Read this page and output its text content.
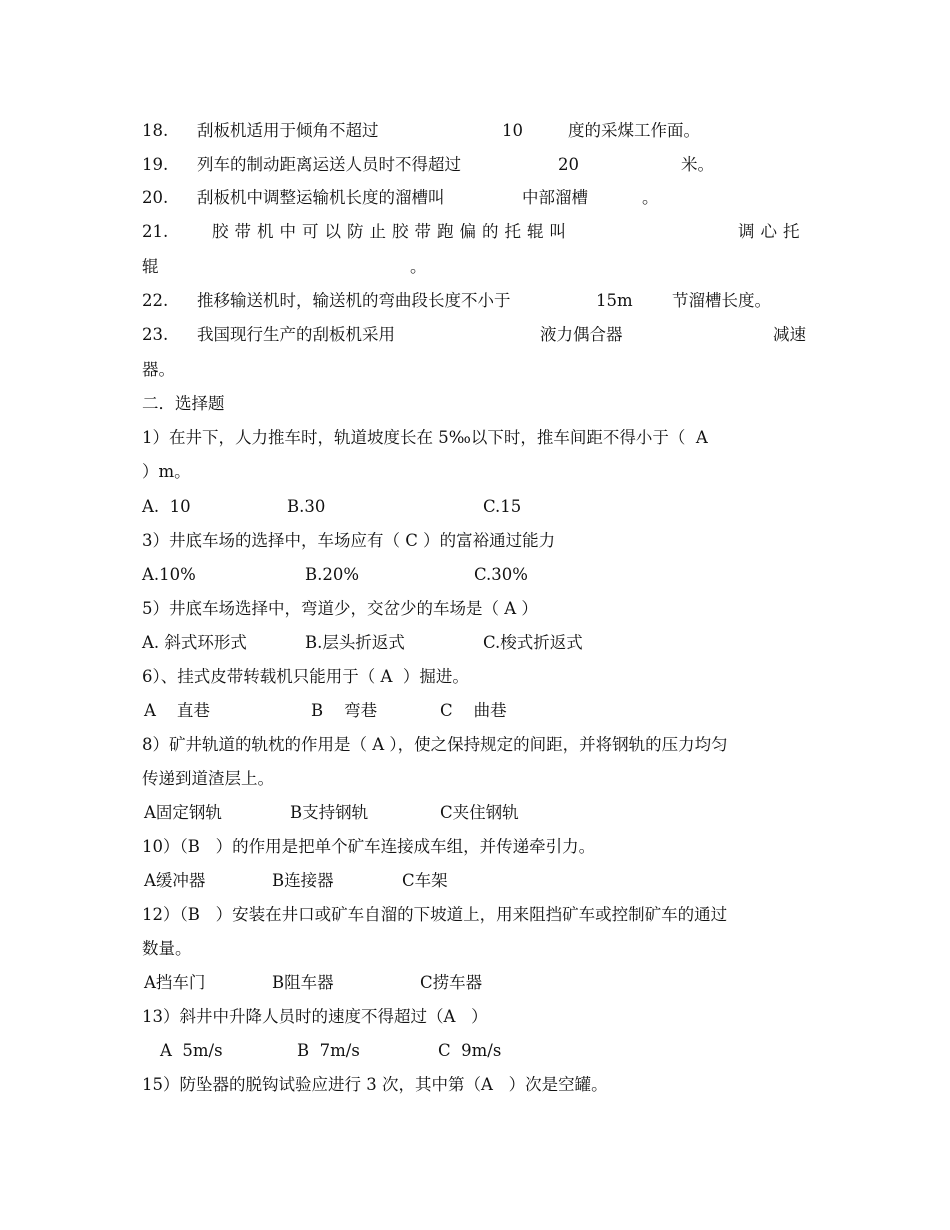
18. 刮板机适用于倾角不超过	10	度的采煤工作面。
19. 列车的制动距离运送人员时不得超过	20	米。
20. 刮板机中调整运输机长度的溜槽叫	中部溜槽	。
21.	胶带机中可以防止胶带跑偏的托辊叫	调心托
辊	。
22. 推移输送机时，输送机的弯曲段长度不小于	15m 节溜槽长度。
23. 我国现行生产的刮板机采用	液力偶合器	减速
器。
二．选择题
1）在井下，人力推车时，轨道坡度长在 5‰以下时，推车间距不得小于（  A
）m。
A.  10	B.30	C.15
3）井底车场的选择中，车场应有（ C ）的富裕通过能力
A.10%	B.20%	C.30%
5）井底车场选择中，弯道少，交岔少的车场是（ A ）
A. 斜式环形式	B.层头折返式	C.梭式折返式
6）、挂式皮带转载机只能用于（ A  ）掘进。
A    直巷	B    弯巷	C    曲巷
8）矿井轨道的轨枕的作用是（ A ），使之保持规定的间距，并将钢轨的压力均匀
传递到道渣层上。
A固定钢轨	B支持钢轨	C夹住钢轨
10）（B   ）的作用是把单个矿车连接成车组，并传递牵引力。
A缓冲器	B连接器	C车架
12）（B   ）安装在井口或矿车自溜的下坡道上，用来阻挡矿车或控制矿车的通过
数量。
A挡车门	B阻车器	C捞车器
13）斜井中升降人员时的速度不得超过（A   ）
A  5m/s	B  7m/s	C  9m/s
15）防坠器的脱钩试验应进行 3 次，其中第（A   ）次是空罐。
